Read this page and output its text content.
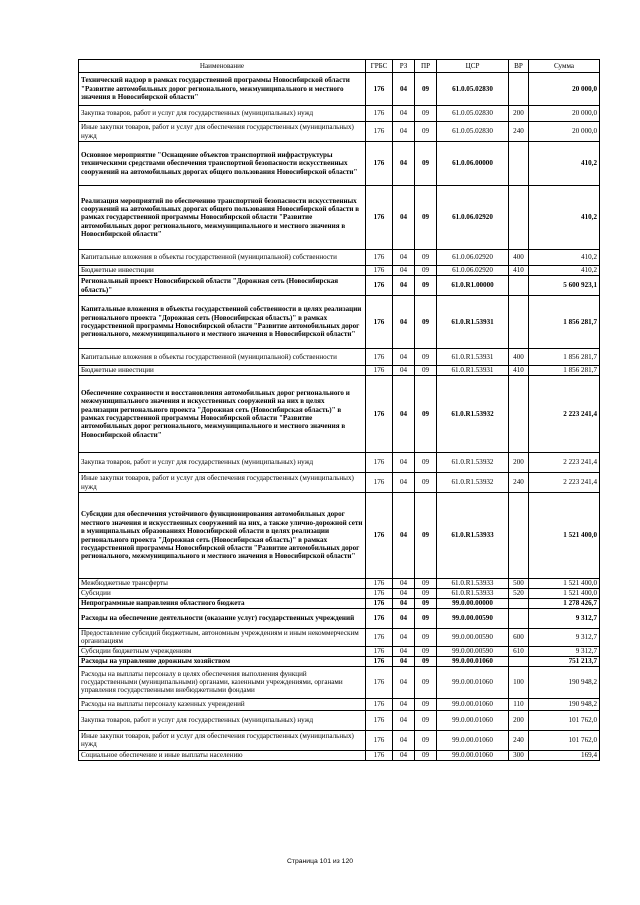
Наименование	ГРБС	РЗ	ПР	ЦСР	ВР	Сумма
Технический надзор в рамках государственной программы Новосибирской области "Развитие автомобильных дорог регионального, межмуниципального и местного значения в Новосибирской области"	176	04	09	61.0.05.02830		20 000,0
Закупка товаров, работ и услуг для государственных (муниципальных) нужд	176	04	09	61.0.05.02830	200	20 000,0
Иные закупки товаров, работ и услуг для обеспечения государственных (муниципальных) нужд	176	04	09	61.0.05.02830	240	20 000,0
Основное мероприятие "Оснащение объектов транспортной инфраструктуры техническими средствами обеспечения транспортной безопасности искусственных сооружений на автомобильных дорогах общего пользования Новосибирской области"	176	04	09	61.0.06.00000		410,2
Реализация мероприятий по обеспечению транспортной безопасности искусственных сооружений на автомобильных дорогах общего пользования Новосибирской области в рамках государственной программы Новосибирской области "Развитие автомобильных дорог регионального, межмуниципального и местного значения в Новосибирской области"	176	04	09	61.0.06.02920		410,2
Капитальные вложения в объекты государственной (муниципальной) собственности	176	04	09	61.0.06.02920	400	410,2
Бюджетные инвестиции	176	04	09	61.0.06.02920	410	410,2
Региональный проект Новосибирской области "Дорожная сеть (Новосибирская область)"	176	04	09	61.0.R1.00000		5 600 923,1
Капитальные вложения в объекты государственной собственности в целях реализации регионального проекта "Дорожная сеть (Новосибирская область)" в рамках государственной программы Новосибирской области "Развитие автомобильных дорог регионального, межмуниципального и местного значения в Новосибирской области"	176	04	09	61.0.R1.53931		1 856 281,7
Капитальные вложения в объекты государственной (муниципальной) собственности	176	04	09	61.0.R1.53931	400	1 856 281,7
Бюджетные инвестиции	176	04	09	61.0.R1.53931	410	1 856 281,7
Обеспечение сохранности и восстановления автомобильных дорог регионального и межмуниципального значения и искусственных сооружений на них в целях реализации регионального проекта "Дорожная сеть (Новосибирская область)" в рамках государственной программы Новосибирской области "Развитие автомобильных дорог регионального, межмуниципального и местного значения в Новосибирской области"	176	04	09	61.0.R1.53932		2 223 241,4
Закупка товаров, работ и услуг для государственных (муниципальных) нужд	176	04	09	61.0.R1.53932	200	2 223 241,4
Иные закупки товаров, работ и услуг для обеспечения государственных (муниципальных) нужд	176	04	09	61.0.R1.53932	240	2 223 241,4
Субсидии для обеспечения устойчивого функционирования автомобильных дорог местного значения и искусственных сооружений на них, а также улично-дорожной сети в муниципальных образованиях Новосибирской области в целях реализации регионального проекта "Дорожная сеть (Новосибирская область)" в рамках государственной программы Новосибирской области "Развитие автомобильных дорог регионального, межмуниципального и местного значения в Новосибирской области"	176	04	09	61.0.R1.53933		1 521 400,0
Межбюджетные трансферты	176	04	09	61.0.R1.53933	500	1 521 400,0
Субсидии	176	04	09	61.0.R1.53933	520	1 521 400,0
Непрограммные направления областного бюджета	176	04	09	99.0.00.00000		1 278 426,7
Расходы на обеспечение деятельности (оказание услуг) государственных учреждений	176	04	09	99.0.00.00590		9 312,7
Предоставление субсидий бюджетным, автономным учреждениям и иным некоммерческим организациям	176	04	09	99.0.00.00590	600	9 312,7
Субсидии бюджетным учреждениям	176	04	09	99.0.00.00590	610	9 312,7
Расходы на управление дорожным хозяйством	176	04	09	99.0.00.01060		751 213,7
Расходы на выплаты персоналу в целях обеспечения выполнения функций государственными (муниципальными) органами, казенными учреждениями, органами управления государственными внебюджетными фондами	176	04	09	99.0.00.01060	100	190 948,2
Расходы на выплаты персоналу казенных учреждений	176	04	09	99.0.00.01060	110	190 948,2
Закупка товаров, работ и услуг для государственных (муниципальных) нужд	176	04	09	99.0.00.01060	200	101 762,0
Иные закупки товаров, работ и услуг для обеспечения государственных (муниципальных) нужд	176	04	09	99.0.00.01060	240	101 762,0
Социальное обеспечение и иные выплаты населению	176	04	09	99.0.00.01060	300	169,4
Страница 101 из 120
